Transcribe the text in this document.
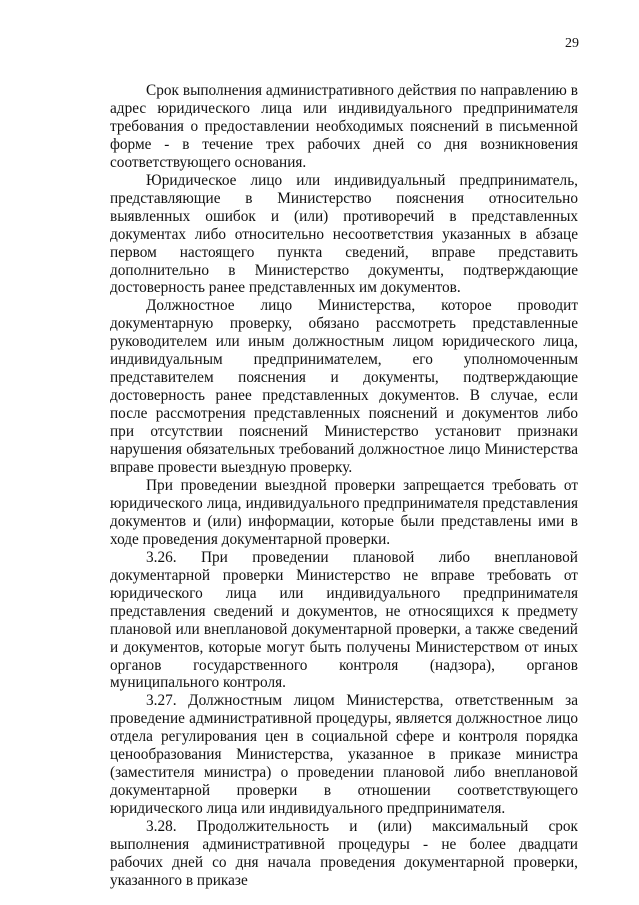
29

Срок выполнения административного действия по направлению в адрес юридического лица или индивидуального предпринимателя требования о предоставлении необходимых пояснений в письменной форме - в течение трех рабочих дней со дня возникновения соответствующего основания.

Юридическое лицо или индивидуальный предприниматель, представляющие в Министерство пояснения относительно выявленных ошибок и (или) противоречий в представленных документах либо относительно несоответствия указанных в абзаце первом настоящего пункта сведений, вправе представить дополнительно в Министерство документы, подтверждающие достоверность ранее представленных им документов.

Должностное лицо Министерства, которое проводит документарную проверку, обязано рассмотреть представленные руководителем или иным должностным лицом юридического лица, индивидуальным предпринимателем, его уполномоченным представителем пояснения и документы, подтверждающие достоверность ранее представленных документов. В случае, если после рассмотрения представленных пояснений и документов либо при отсутствии пояснений Министерство установит признаки нарушения обязательных требований должностное лицо Министерства вправе провести выездную проверку.

При проведении выездной проверки запрещается требовать от юридического лица, индивидуального предпринимателя представления документов и (или) информации, которые были представлены ими в ходе проведения документарной проверки.

3.26. При проведении плановой либо внеплановой документарной проверки Министерство не вправе требовать от юридического лица или индивидуального предпринимателя представления сведений и документов, не относящихся к предмету плановой или внеплановой документарной проверки, а также сведений и документов, которые могут быть получены Министерством от иных органов государственного контроля (надзора), органов муниципального контроля.

3.27. Должностным лицом Министерства, ответственным за проведение административной процедуры, является должностное лицо отдела регулирования цен в социальной сфере и контроля порядка ценообразования Министерства, указанное в приказе министра (заместителя министра) о проведении плановой либо внеплановой документарной проверки в отношении соответствующего юридического лица или индивидуального предпринимателя.

3.28. Продолжительность и (или) максимальный срок выполнения административной процедуры - не более двадцати рабочих дней со дня начала проведения документарной проверки, указанного в приказе
